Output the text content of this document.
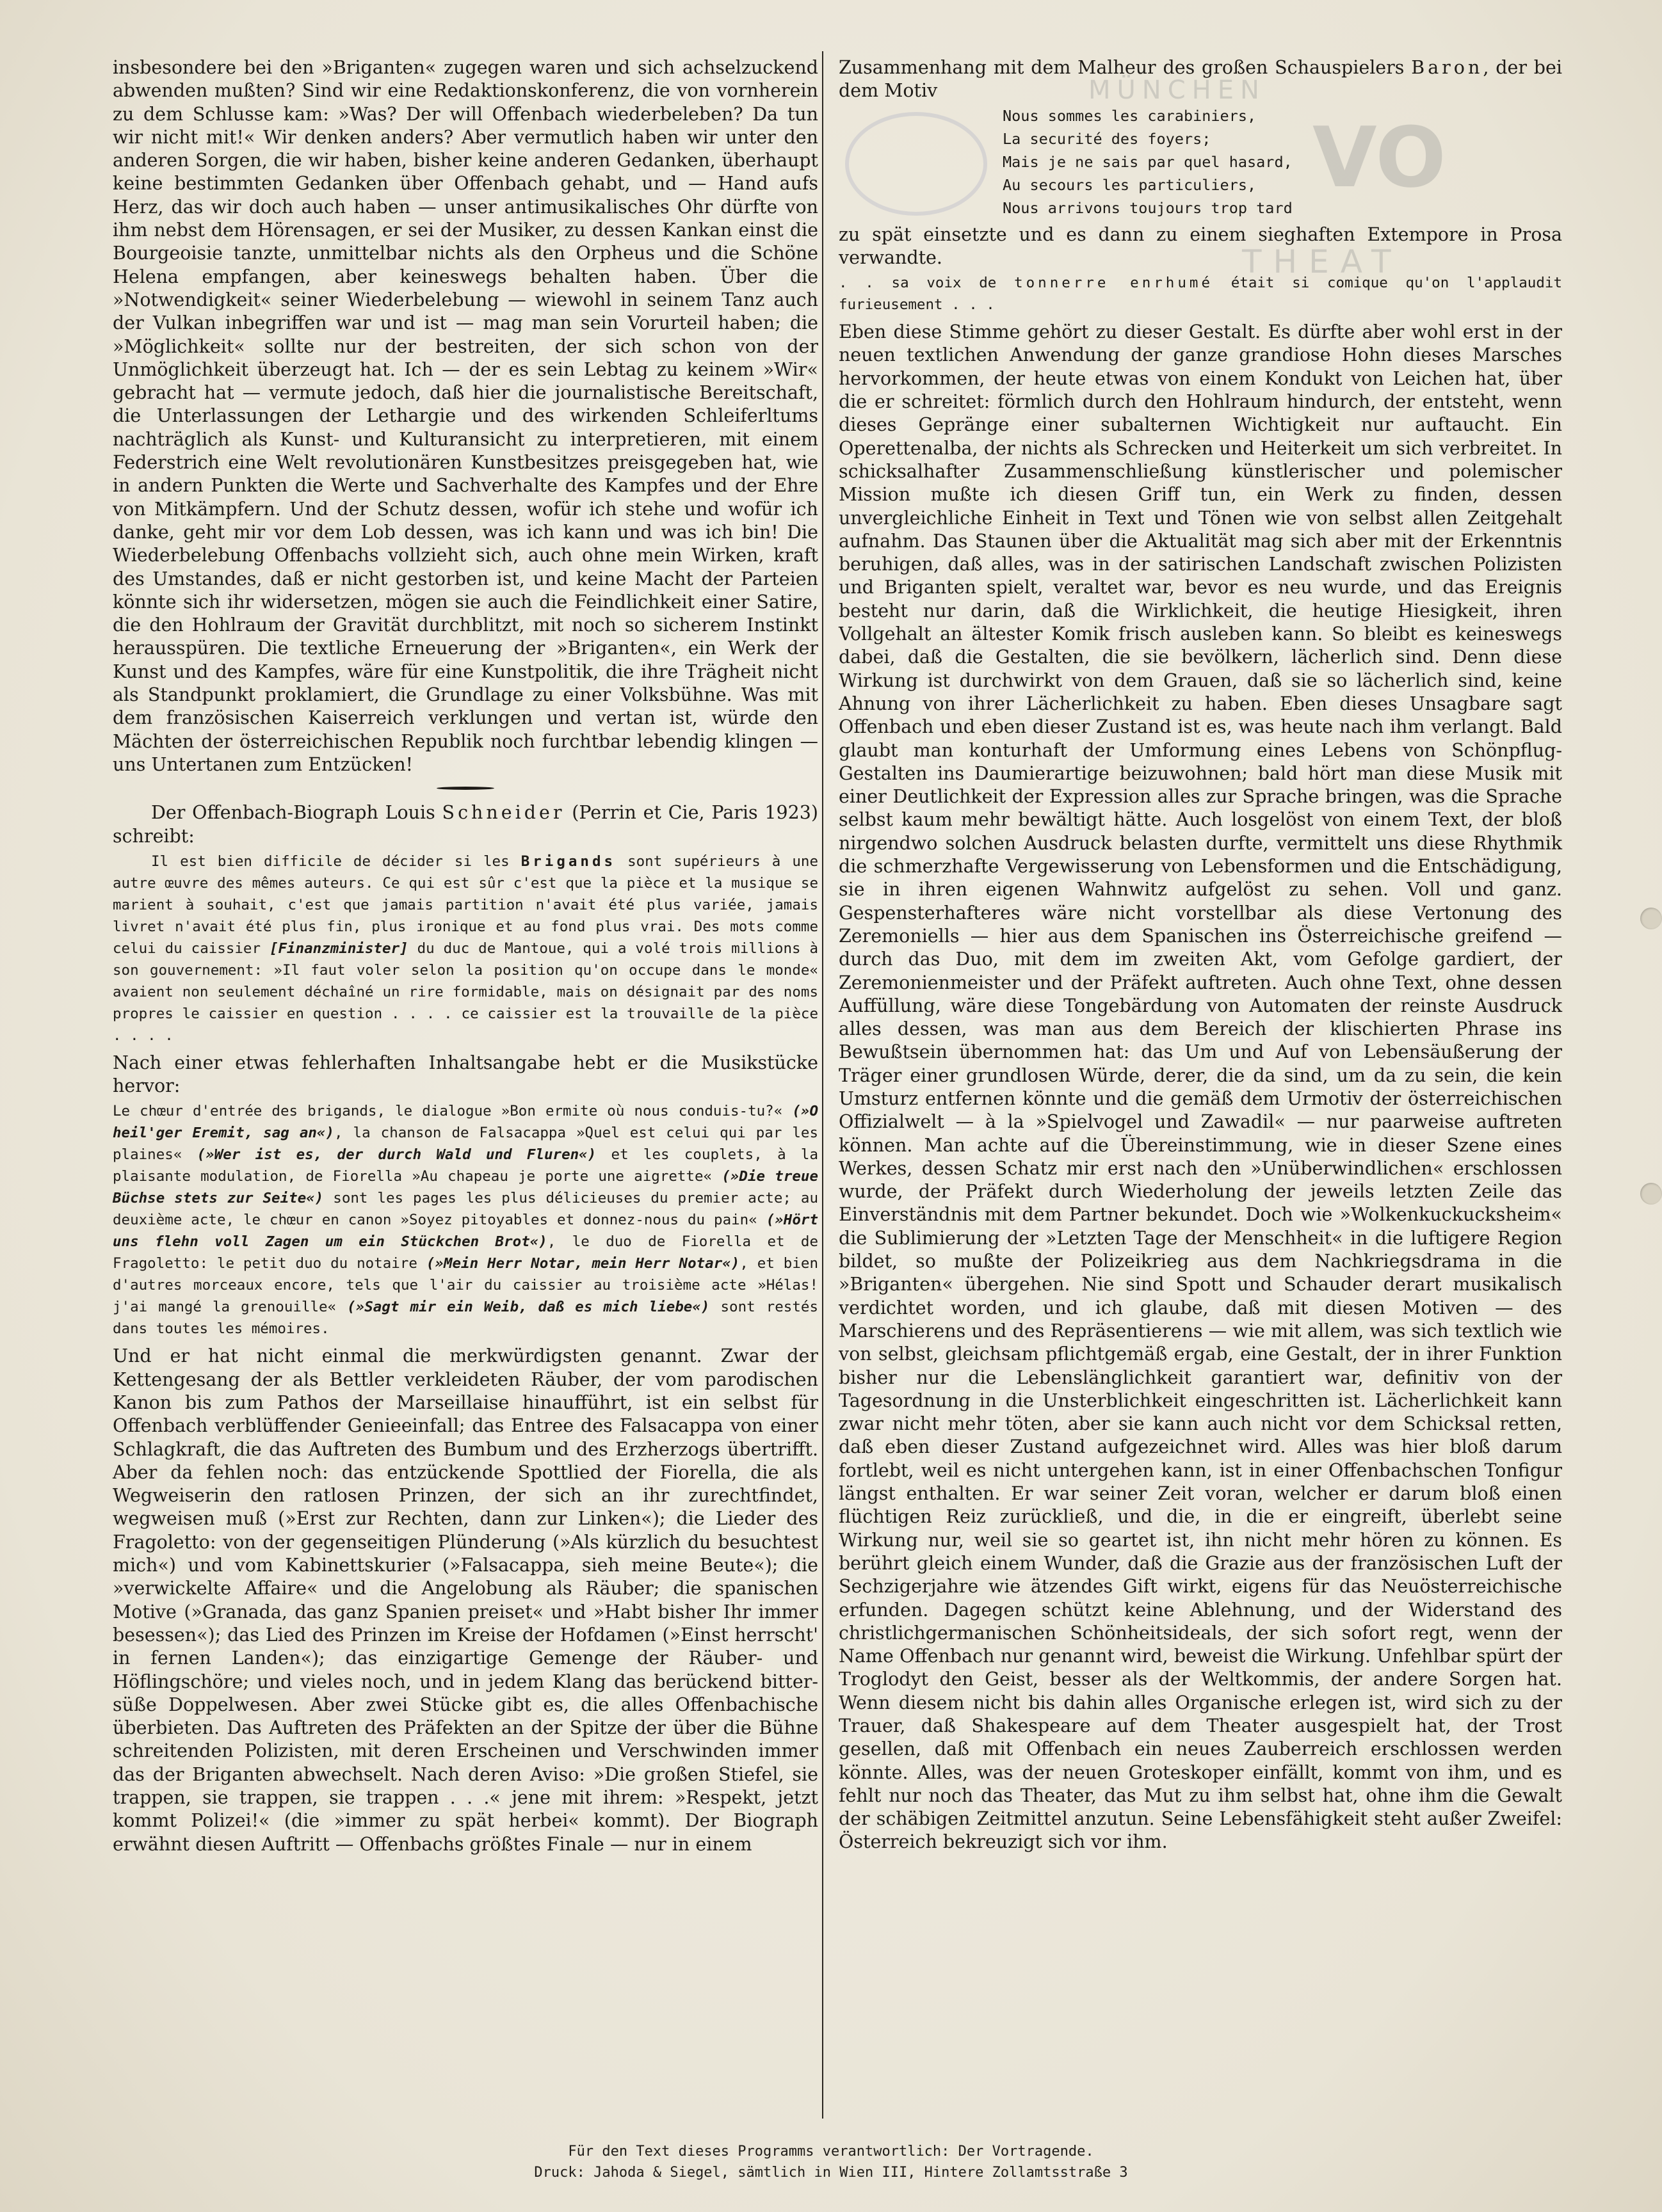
MÜNCHEN
VO
THEAT

insbesondere bei den »Briganten« zugegen waren und sich achselzuckend abwenden mußten? Sind wir eine Redaktionskonferenz, die von vornherein zu dem Schlusse kam: »Was? Der will Offenbach wiederbeleben? Da tun wir nicht mit!« Wir denken anders? Aber vermutlich haben wir unter den anderen Sorgen, die wir haben, bisher keine anderen Gedanken, überhaupt keine bestimmten Gedanken über Offenbach gehabt, und — Hand aufs Herz, das wir doch auch haben — unser antimusikalisches Ohr dürfte von ihm nebst dem Hörensagen, er sei der Musiker, zu dessen Kankan einst die Bourgeoisie tanzte, unmittelbar nichts als den Orpheus und die Schöne Helena empfangen, aber keineswegs behalten haben. Über die »Notwendigkeit« seiner Wiederbelebung — wiewohl in seinem Tanz auch der Vulkan inbegriffen war und ist — mag man sein Vorurteil haben; die »Möglichkeit« sollte nur der bestreiten, der sich schon von der Unmöglichkeit überzeugt hat. Ich — der es sein Lebtag zu keinem »Wir« gebracht hat — vermute jedoch, daß hier die journalistische Bereitschaft, die Unterlassungen der Lethargie und des wirkenden Schleiferltums nachträglich als Kunst- und Kulturansicht zu interpretieren, mit einem Federstrich eine Welt revolutionären Kunstbesitzes preisgegeben hat, wie in andern Punkten die Werte und Sachverhalte des Kampfes und der Ehre von Mitkämpfern. Und der Schutz dessen, wofür ich stehe und wofür ich danke, geht mir vor dem Lob dessen, was ich kann und was ich bin! Die Wiederbelebung Offenbachs vollzieht sich, auch ohne mein Wirken, kraft des Umstandes, daß er nicht gestorben ist, und keine Macht der Parteien könnte sich ihr widersetzen, mögen sie auch die Feindlichkeit einer Satire, die den Hohlraum der Gravität durchblitzt, mit noch so sicherem Instinkt herausspüren. Die textliche Erneuerung der »Briganten«, ein Werk der Kunst und des Kampfes, wäre für eine Kunstpolitik, die ihre Trägheit nicht als Standpunkt proklamiert, die Grundlage zu einer Volksbühne. Was mit dem französischen Kaiserreich verklungen und vertan ist, würde den Mächten der österreichischen Republik noch furchtbar lebendig klingen — uns Untertanen zum Entzücken!

Der Offenbach-Biograph Louis Schneider (Perrin et Cie, Paris 1923) schreibt:

Il est bien difficile de décider si les Brigands sont supérieurs à une autre œuvre des mêmes auteurs. Ce qui est sûr c'est que la pièce et la musique se marient à souhait, c'est que jamais partition n'avait été plus variée, jamais livret n'avait été plus fin, plus ironique et au fond plus vrai. Des mots comme celui du caissier [Finanzminister] du duc de Mantoue, qui a volé trois millions à son gouvernement: »Il faut voler selon la position qu'on occupe dans le monde« avaient non seulement déchaîné un rire formidable, mais on désignait par des noms propres le caissier en question . . . . ce caissier est la trouvaille de la pièce . . . .

Nach einer etwas fehlerhaften Inhaltsangabe hebt er die Musikstücke hervor:

Le chœur d'entrée des brigands, le dialogue »Bon ermite où nous conduis-tu?« (»O heil'ger Eremit, sag an«), la chanson de Falsacappa »Quel est celui qui par les plaines« (»Wer ist es, der durch Wald und Fluren«) et les couplets, à la plaisante modulation, de Fiorella »Au chapeau je porte une aigrette« (»Die treue Büchse stets zur Seite«) sont les pages les plus délicieuses du premier acte; au deuxième acte, le chœur en canon »Soyez pitoyables et donnez-nous du pain« (»Hört uns flehn voll Zagen um ein Stückchen Brot«), le duo de Fiorella et de Fragoletto: le petit duo du notaire (»Mein Herr Notar, mein Herr Notar«), et bien d'autres morceaux encore, tels que l'air du caissier au troisième acte »Hélas! j'ai mangé la grenouille« (»Sagt mir ein Weib, daß es mich liebe«) sont restés dans toutes les mémoires.

Und er hat nicht einmal die merkwürdigsten genannt. Zwar der Kettengesang der als Bettler verkleideten Räuber, der vom parodischen Kanon bis zum Pathos der Marseillaise hinaufführt, ist ein selbst für Offenbach verblüffender Genieeinfall; das Entree des Falsacappa von einer Schlagkraft, die das Auftreten des Bumbum und des Erzherzogs übertrifft. Aber da fehlen noch: das entzückende Spottlied der Fiorella, die als Wegweiserin den ratlosen Prinzen, der sich an ihr zurechtfindet, wegweisen muß (»Erst zur Rechten, dann zur Linken«); die Lieder des Fragoletto: von der gegenseitigen Plünderung (»Als kürzlich du besuchtest mich«) und vom Kabinettskurier (»Falsacappa, sieh meine Beute«); die »verwickelte Affaire« und die Angelobung als Räuber; die spanischen Motive (»Granada, das ganz Spanien preiset« und »Habt bisher Ihr immer besessen«); das Lied des Prinzen im Kreise der Hofdamen (»Einst herrscht' in fernen Landen«); das einzigartige Gemenge der Räuber- und Höflingschöre; und vieles noch, und in jedem Klang das berückend bitter-süße Doppelwesen. Aber zwei Stücke gibt es, die alles Offenbachische überbieten. Das Auftreten des Präfekten an der Spitze der über die Bühne schreitenden Polizisten, mit deren Erscheinen und Verschwinden immer das der Briganten abwechselt. Nach deren Aviso: »Die großen Stiefel, sie trappen, sie trappen, sie trappen . . .« jene mit ihrem: »Respekt, jetzt kommt Polizei!« (die »immer zu spät herbei« kommt). Der Biograph erwähnt diesen Auftritt — Offenbachs größtes Finale — nur in einem

Zusammenhang mit dem Malheur des großen Schauspielers Baron, der bei dem Motiv

Nous sommes les carabiniers,
La securité des foyers;
Mais je ne sais par quel hasard,
Au secours les particuliers,
Nous arrivons toujours trop tard

zu spät einsetzte und es dann zu einem sieghaften Extempore in Prosa verwandte.

. . sa voix de tonnerre enrhumé était si comique qu'on l'applaudit furieusement . . .

Eben diese Stimme gehört zu dieser Gestalt. Es dürfte aber wohl erst in der neuen textlichen Anwendung der ganze grandiose Hohn dieses Marsches hervorkommen, der heute etwas von einem Kondukt von Leichen hat, über die er schreitet: förmlich durch den Hohlraum hindurch, der entsteht, wenn dieses Gepränge einer subalternen Wichtigkeit nur auftaucht. Ein Operettenalba, der nichts als Schrecken und Heiterkeit um sich verbreitet. In schicksalhafter Zusammenschließung künstlerischer und polemischer Mission mußte ich diesen Griff tun, ein Werk zu finden, dessen unvergleichliche Einheit in Text und Tönen wie von selbst allen Zeitgehalt aufnahm. Das Staunen über die Aktualität mag sich aber mit der Erkenntnis beruhigen, daß alles, was in der satirischen Landschaft zwischen Polizisten und Briganten spielt, veraltet war, bevor es neu wurde, und das Ereignis besteht nur darin, daß die Wirklichkeit, die heutige Hiesigkeit, ihren Vollgehalt an ältester Komik frisch ausleben kann. So bleibt es keineswegs dabei, daß die Gestalten, die sie bevölkern, lächerlich sind. Denn diese Wirkung ist durchwirkt von dem Grauen, daß sie so lächerlich sind, keine Ahnung von ihrer Lächerlichkeit zu haben. Eben dieses Unsagbare sagt Offenbach und eben dieser Zustand ist es, was heute nach ihm verlangt. Bald glaubt man konturhaft der Umformung eines Lebens von Schönpflug-Gestalten ins Daumierartige beizuwohnen; bald hört man diese Musik mit einer Deutlichkeit der Expression alles zur Sprache bringen, was die Sprache selbst kaum mehr bewältigt hätte. Auch losgelöst von einem Text, der bloß nirgendwo solchen Ausdruck belasten durfte, vermittelt uns diese Rhythmik die schmerzhafte Vergewisserung von Lebensformen und die Entschädigung, sie in ihren eigenen Wahnwitz aufgelöst zu sehen. Voll und ganz. Gespensterhafteres wäre nicht vorstellbar als diese Vertonung des Zeremoniells — hier aus dem Spanischen ins Österreichische greifend — durch das Duo, mit dem im zweiten Akt, vom Gefolge gardiert, der Zeremonienmeister und der Präfekt auftreten. Auch ohne Text, ohne dessen Auffüllung, wäre diese Tongebärdung von Automaten der reinste Ausdruck alles dessen, was man aus dem Bereich der klischierten Phrase ins Bewußtsein übernommen hat: das Um und Auf von Lebensäußerung der Träger einer grundlosen Würde, derer, die da sind, um da zu sein, die kein Umsturz entfernen könnte und die gemäß dem Urmotiv der österreichischen Offizialwelt — à la »Spielvogel und Zawadil« — nur paarweise auftreten können. Man achte auf die Übereinstimmung, wie in dieser Szene eines Werkes, dessen Schatz mir erst nach den »Unüberwindlichen« erschlossen wurde, der Präfekt durch Wiederholung der jeweils letzten Zeile das Einverständnis mit dem Partner bekundet. Doch wie »Wolkenkuckucksheim« die Sublimierung der »Letzten Tage der Menschheit« in die luftigere Region bildet, so mußte der Polizeikrieg aus dem Nachkriegsdrama in die »Briganten« übergehen. Nie sind Spott und Schauder derart musikalisch verdichtet worden, und ich glaube, daß mit diesen Motiven — des Marschierens und des Repräsentierens — wie mit allem, was sich textlich wie von selbst, gleichsam pflichtgemäß ergab, eine Gestalt, der in ihrer Funktion bisher nur die Lebenslänglichkeit garantiert war, definitiv von der Tagesordnung in die Unsterblichkeit eingeschritten ist. Lächerlichkeit kann zwar nicht mehr töten, aber sie kann auch nicht vor dem Schicksal retten, daß eben dieser Zustand aufgezeichnet wird. Alles was hier bloß darum fortlebt, weil es nicht untergehen kann, ist in einer Offenbachschen Tonfigur längst enthalten. Er war seiner Zeit voran, welcher er darum bloß einen flüchtigen Reiz zurückließ, und die, in die er eingreift, überlebt seine Wirkung nur, weil sie so geartet ist, ihn nicht mehr hören zu können. Es berührt gleich einem Wunder, daß die Grazie aus der französischen Luft der Sechzigerjahre wie ätzendes Gift wirkt, eigens für das Neuösterreichische erfunden. Dagegen schützt keine Ablehnung, und der Widerstand des christlichgermanischen Schönheitsideals, der sich sofort regt, wenn der Name Offenbach nur genannt wird, beweist die Wirkung. Unfehlbar spürt der Troglodyt den Geist, besser als der Weltkommis, der andere Sorgen hat. Wenn diesem nicht bis dahin alles Organische erlegen ist, wird sich zu der Trauer, daß Shakespeare auf dem Theater ausgespielt hat, der Trost gesellen, daß mit Offenbach ein neues Zauberreich erschlossen werden könnte. Alles, was der neuen Groteskoper einfällt, kommt von ihm, und es fehlt nur noch das Theater, das Mut zu ihm selbst hat, ohne ihm die Gewalt der schäbigen Zeitmittel anzutun. Seine Lebensfähigkeit steht außer Zweifel: Österreich bekreuzigt sich vor ihm.

Für den Text dieses Programms verantwortlich: Der Vortragende.
Druck: Jahoda & Siegel, sämtlich in Wien III, Hintere Zollamtsstraße 3
